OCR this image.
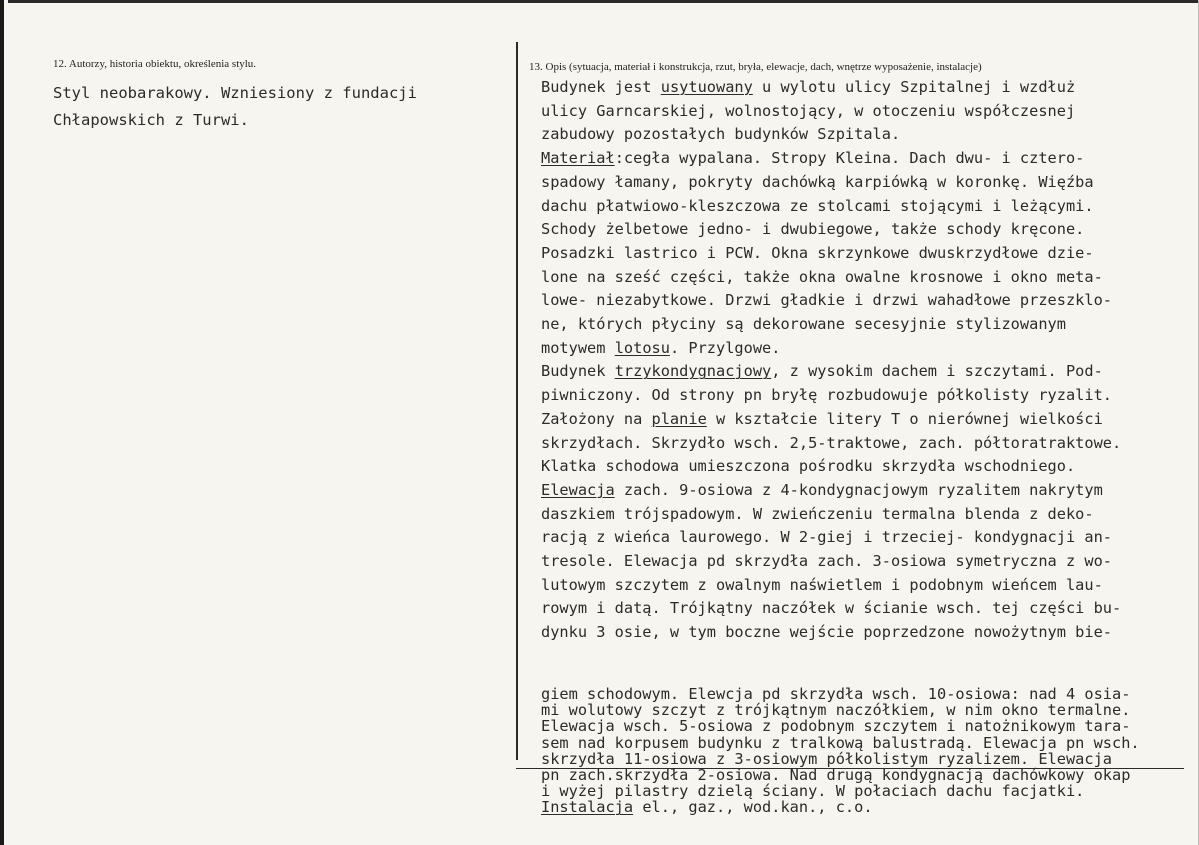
12. Autorzy, historia obiektu, określenia stylu.	13. Opis (sytuacja, materiał i konstrukcja, rzut, bryła, elewacje, dach, wnętrze wyposażenie, instalacje)
Styl neobarakowy. Wzniesiony z fundacji
Chłapowskich z Turwi.
Budynek jest usytuowany u wylotu ulicy Szpitalnej i wzdłuż
ulicy Garncarskiej, wolnostojący, w otoczeniu współczesnej
zabudowy pozostałych budynków Szpitala.
Materiał:cegła wypalana. Stropy Kleina. Dach dwu- i cztero-
spadowy łamany, pokryty dachówką karpiówką w koronkę. Więźba
dachu płatwiowo-kleszczowa ze stolcami stojącymi i leżącymi.
Schody żelbetowe jedno- i dwubiegowe, także schody kręcone.
Posadzki lastrico i PCW. Okna skrzynkowe dwuskrzydłowe dzie-
lone na sześć części, także okna owalne krosnowe i okno meta-
lowe- niezabytkowe. Drzwi gładkie i drzwi wahadłowe przeszklo-
ne, których płyciny są dekorowane secesyjnie stylizowanym
motywem lotosu. Przylgowe.
Budynek trzykondygnacjowy, z wysokim dachem i szczytami. Pod-
piwniczony. Od strony pn bryłę rozbudowuje półkolisty ryzalit.
Założony na planie w kształcie litery T o nierównej wielkości
skrzydłach. Skrzydło wsch. 2,5-traktowe, zach. półtoratraktowe.
Klatka schodowa umieszczona pośrodku skrzydła wschodniego.
Elewacja zach. 9-osiowa z 4-kondygnacjowym ryzalitem nakrytym
daszkiem trójspadowym. W zwieńczeniu termalna blenda z deko-
racją z wieńca laurowego. W 2-giej i trzeciej- kondygnacji an-
tresole. Elewacja pd skrzydła zach. 3-osiowa symetryczna z wo-
lutowym szczytem z owalnym naświetlem i podobnym wieńcem lau-
rowym i datą. Trójkątny naczółek w ścianie wsch. tej części bu-
dynku 3 osie, w tym boczne wejście poprzedzone nowożytnym bie-
giem schodowym. Elewcja pd skrzydła wsch. 10-osiowa: nad 4 osia-
mi wolutowy szczyt z trójkątnym naczółkiem, w nim okno termalne.
Elewacja wsch. 5-osiowa z podobnym szczytem i natożnikowym tara-
sem nad korpusem budynku z tralkową balustradą. Elewacja pn wsch.
skrzydła 11-osiowa z 3-osiowym półkolistym ryzalizem. Elewacja
pn zach.skrzydła 2-osiowa. Nad drugą kondygnacją dachówkowy okap
i wyżej pilastry dzielą ściany. W połaciach dachu facjatki.
Instalacja el., gaz., wod.kan., c.o.
